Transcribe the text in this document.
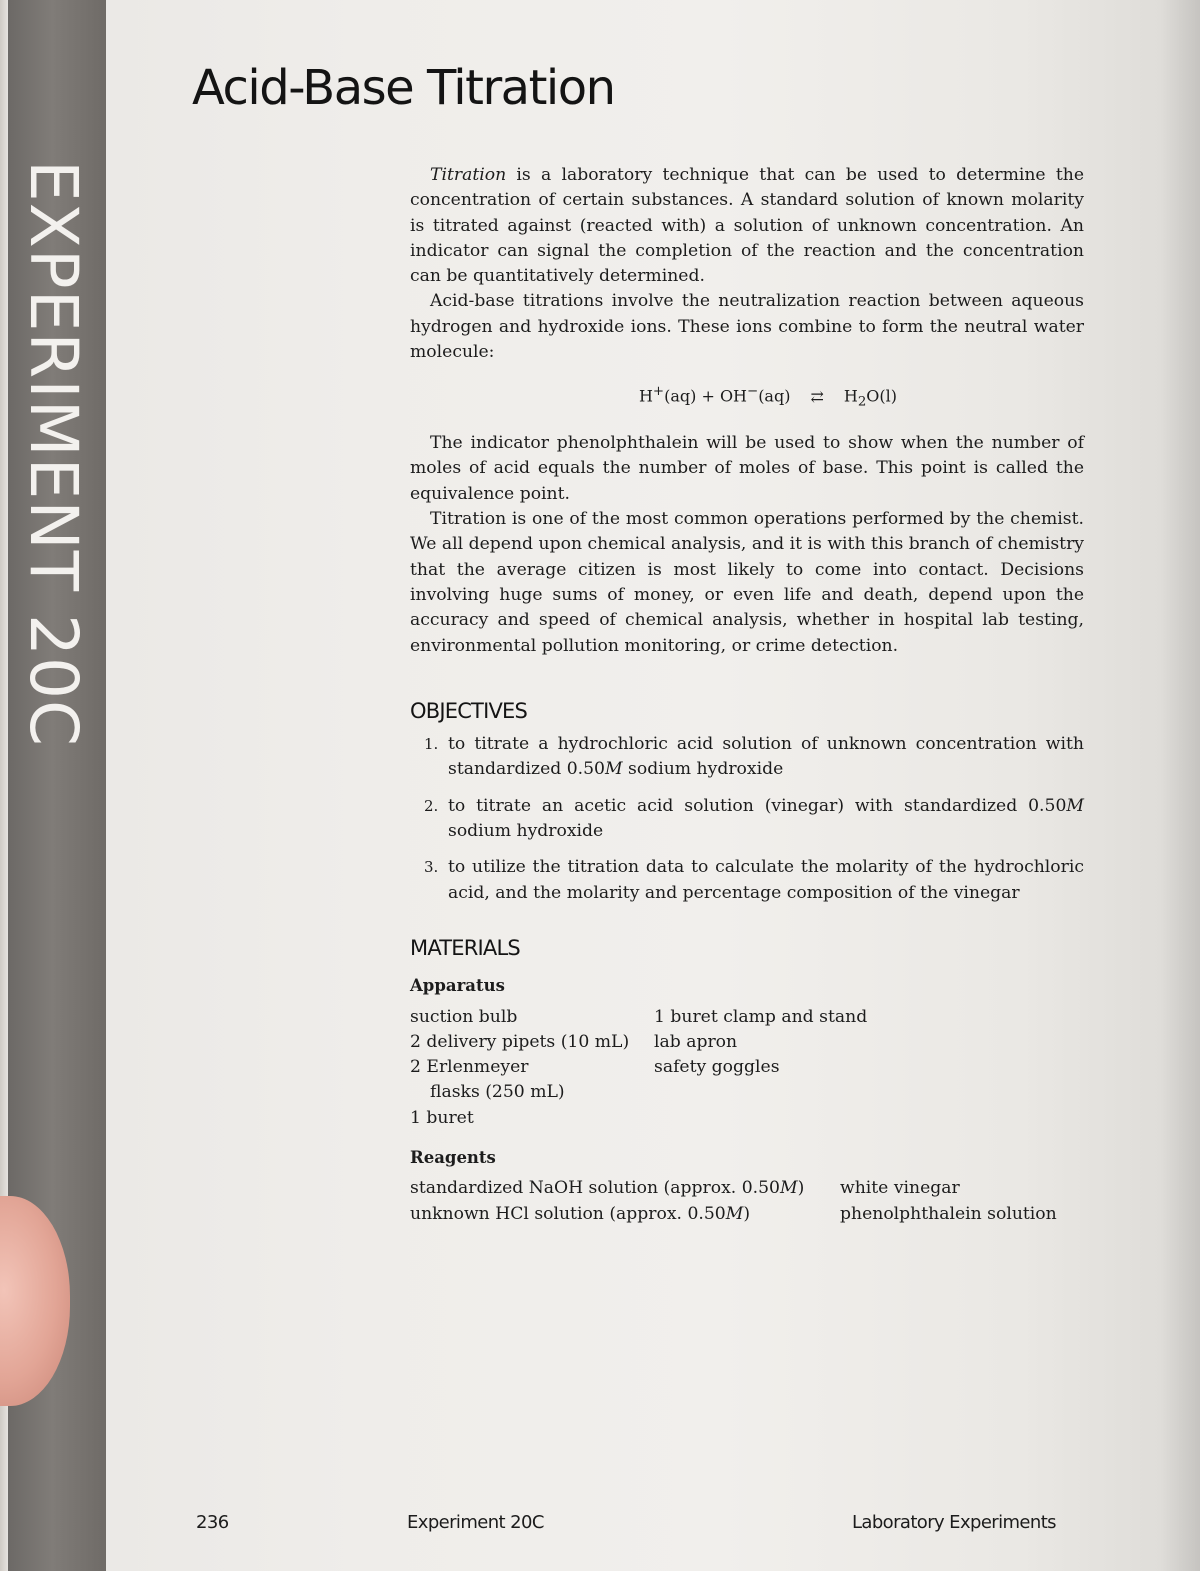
EXPERIMENT 20C
Acid-Base Titration

Titration is a laboratory technique that can be used to determine the concentration of certain substances. A standard solution of known molarity is titrated against (reacted with) a solution of unknown concentration. An indicator can signal the completion of the reaction and the concentration can be quantitatively determined.

Acid-base titrations involve the neutralization reaction between aqueous hydrogen and hydroxide ions. These ions combine to form the neutral water molecule:

H+(aq) + OH−(aq) ⇄ $H_2O(l)$

The indicator phenolphthalein will be used to show when the number of moles of acid equals the number of moles of base. This point is called the equivalence point.

Titration is one of the most common operations performed by the chemist. We all depend upon chemical analysis, and it is with this branch of chemistry that the average citizen is most likely to come into contact. Decisions involving huge sums of money, or even life and death, depend upon the accuracy and speed of chemical analysis, whether in hospital lab testing, environmental pollution monitoring, or crime detection.

OBJECTIVES
1. to titrate a hydrochloric acid solution of unknown concentration with standardized 0.50M sodium hydroxide
2. to titrate an acetic acid solution (vinegar) with standardized 0.50M sodium hydroxide
3. to utilize the titration data to calculate the molarity of the hydrochloric acid, and the molarity and percentage composition of the vinegar
MATERIALS
Apparatus
suction bulb
2 delivery pipets (10 mL)
2 Erlenmeyer
flasks (250 mL)
1 buret
1 buret clamp and stand
lab apron
safety goggles
Reagents
standardized NaOH solution (approx. 0.50M)
unknown HCl solution (approx. 0.50M)
white vinegar
phenolphthalein solution
236	Experiment 20C	Laboratory Experiments
